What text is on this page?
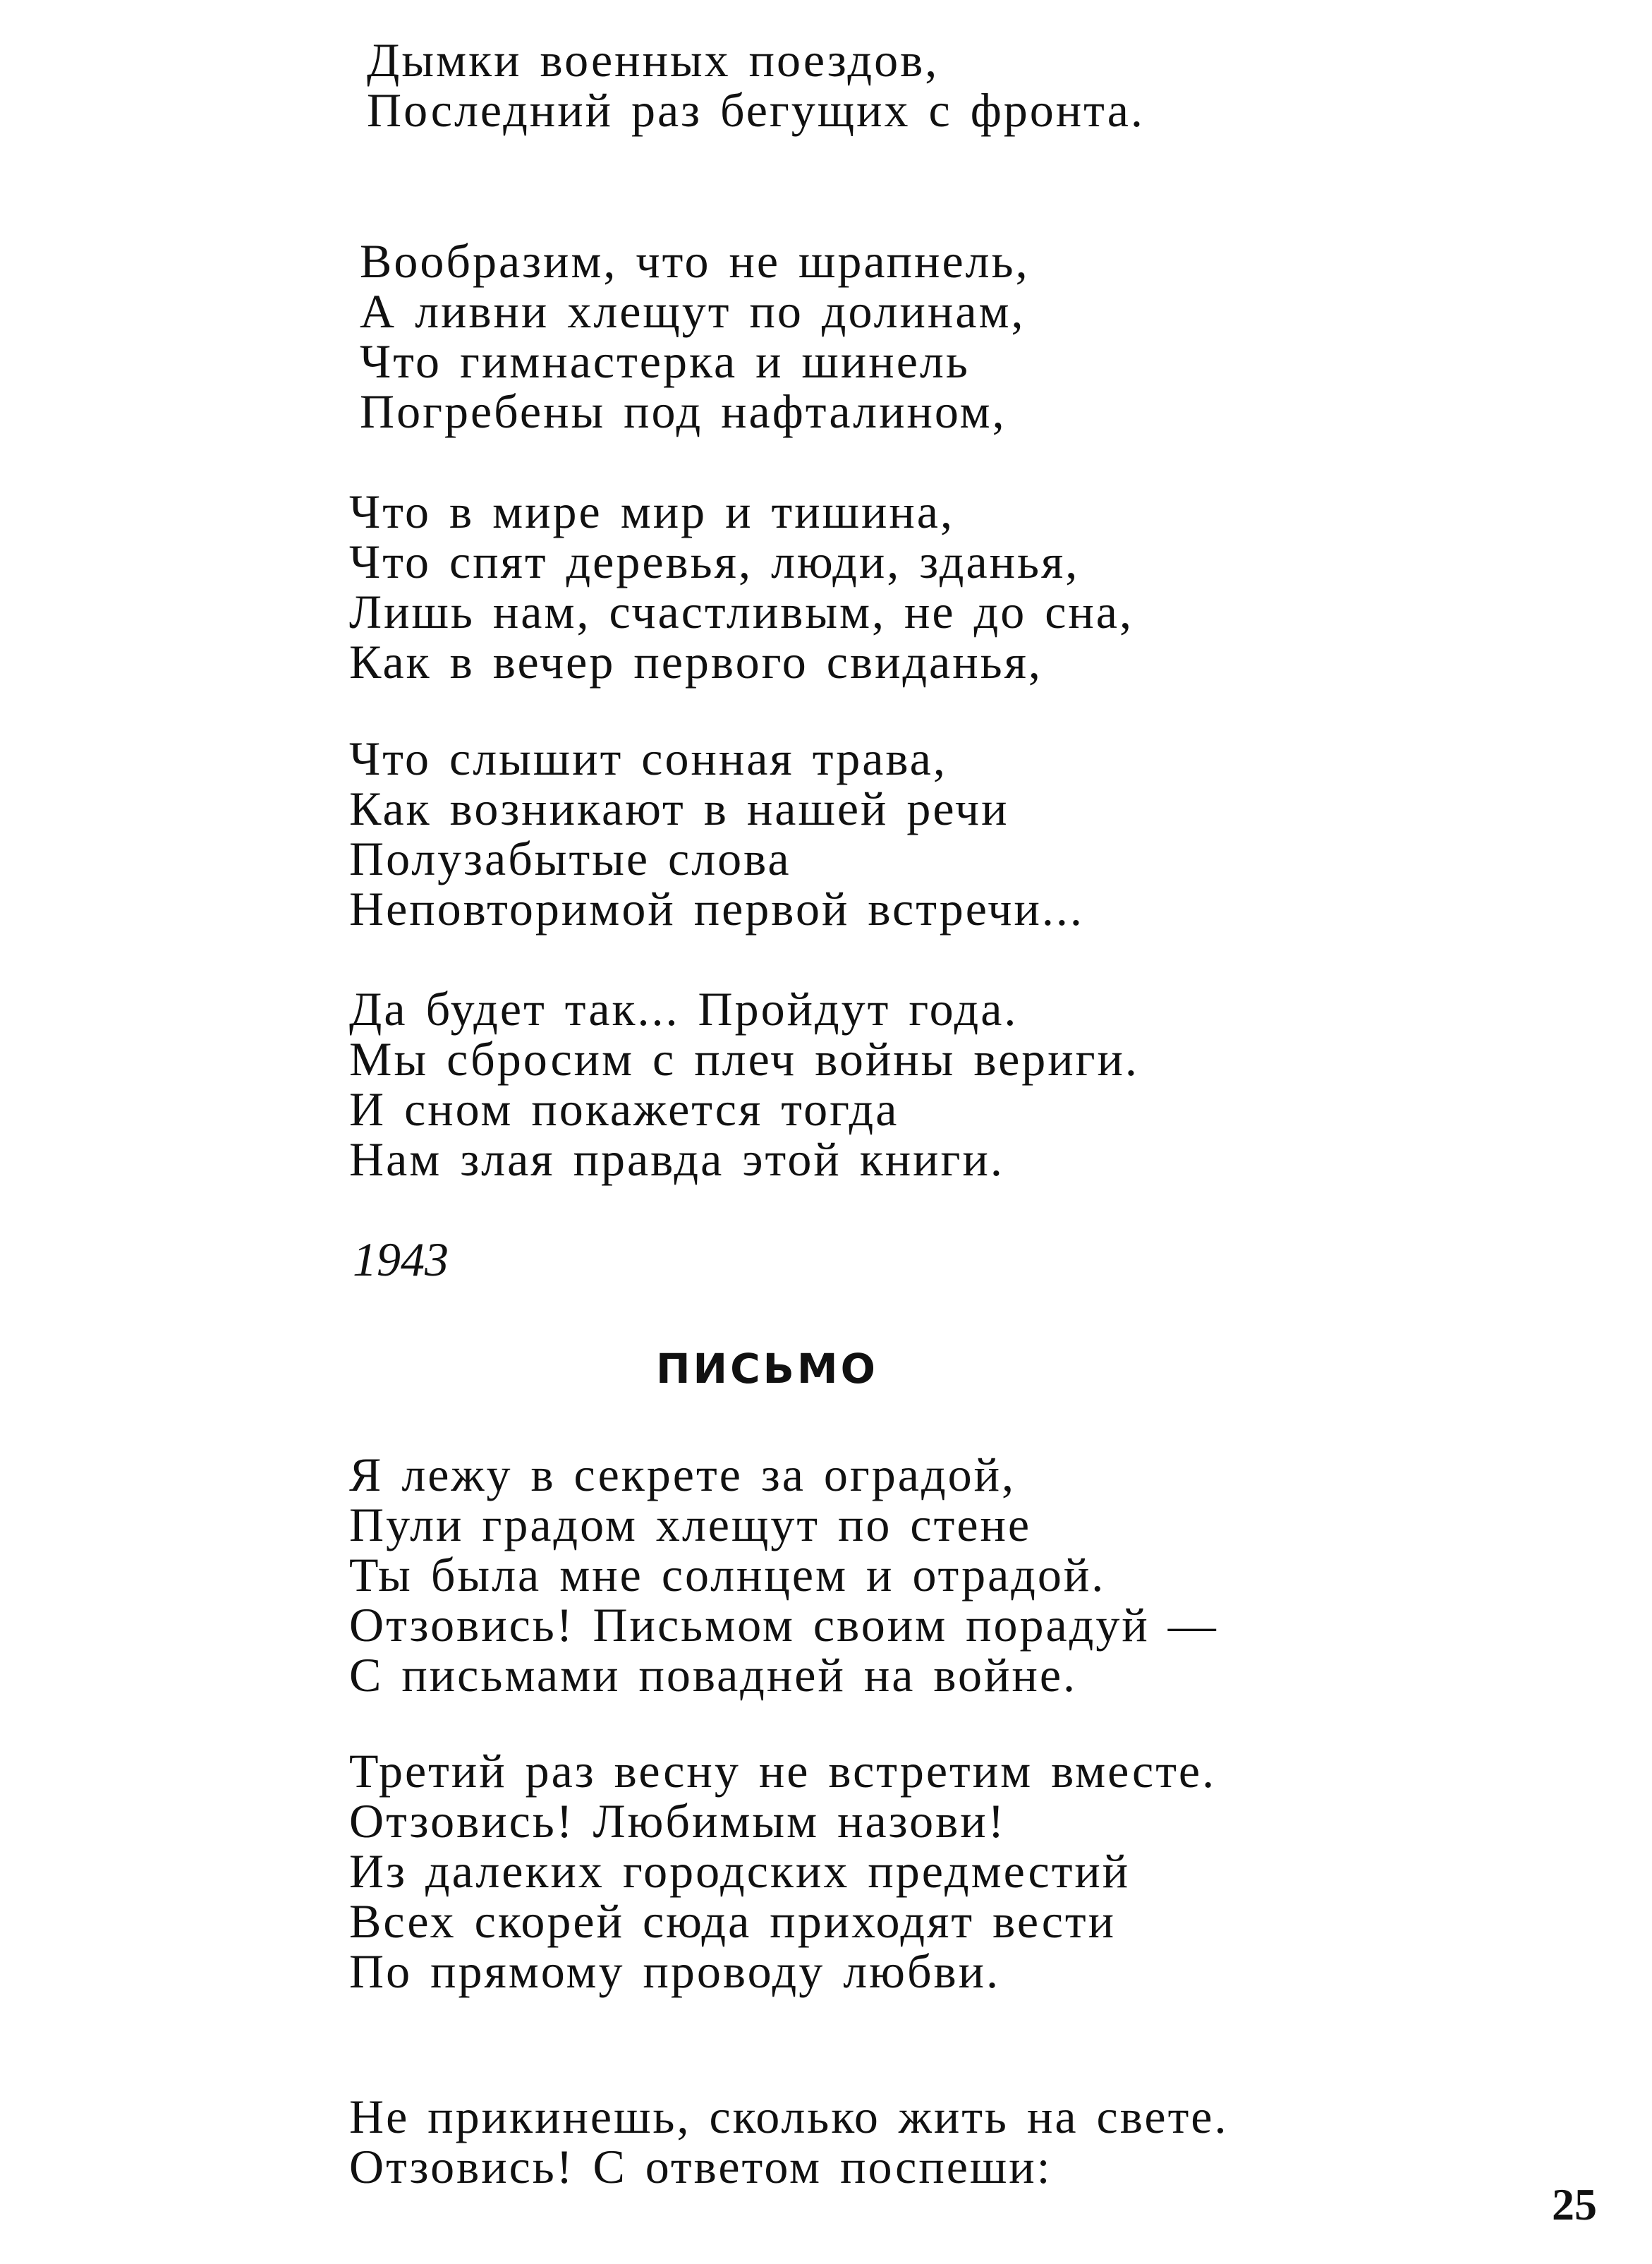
Дымки военных поездов,
Последний раз бегущих с фронта.
Вообразим, что не шрапнель,
А ливни хлещут по долинам,
Что гимнастерка и шинель
Погребены под нафталином,
Что в мире мир и тишина,
Что спят деревья, люди, зданья,
Лишь нам, счастливым, не до сна,
Как в вечер первого свиданья,
Что слышит сонная трава,
Как возникают в нашей речи
Полузабытые слова
Неповторимой первой встречи...
Да будет так... Пройдут года.
Мы сбросим с плеч войны вериги.
И сном покажется тогда
Нам злая правда этой книги.
1943
ПИСЬМО
Я лежу в секрете за оградой,
Пули градом хлещут по стене
Ты была мне солнцем и отрадой.
Отзовись! Письмом своим порадуй —
С письмами повадней на войне.
Третий раз весну не встретим вместе.
Отзовись! Любимым назови!
Из далеких городских предместий
Всех скорей сюда приходят вести
По прямому проводу любви.
Не прикинешь, сколько жить на свете.
Отзовись! С ответом поспеши:
25
